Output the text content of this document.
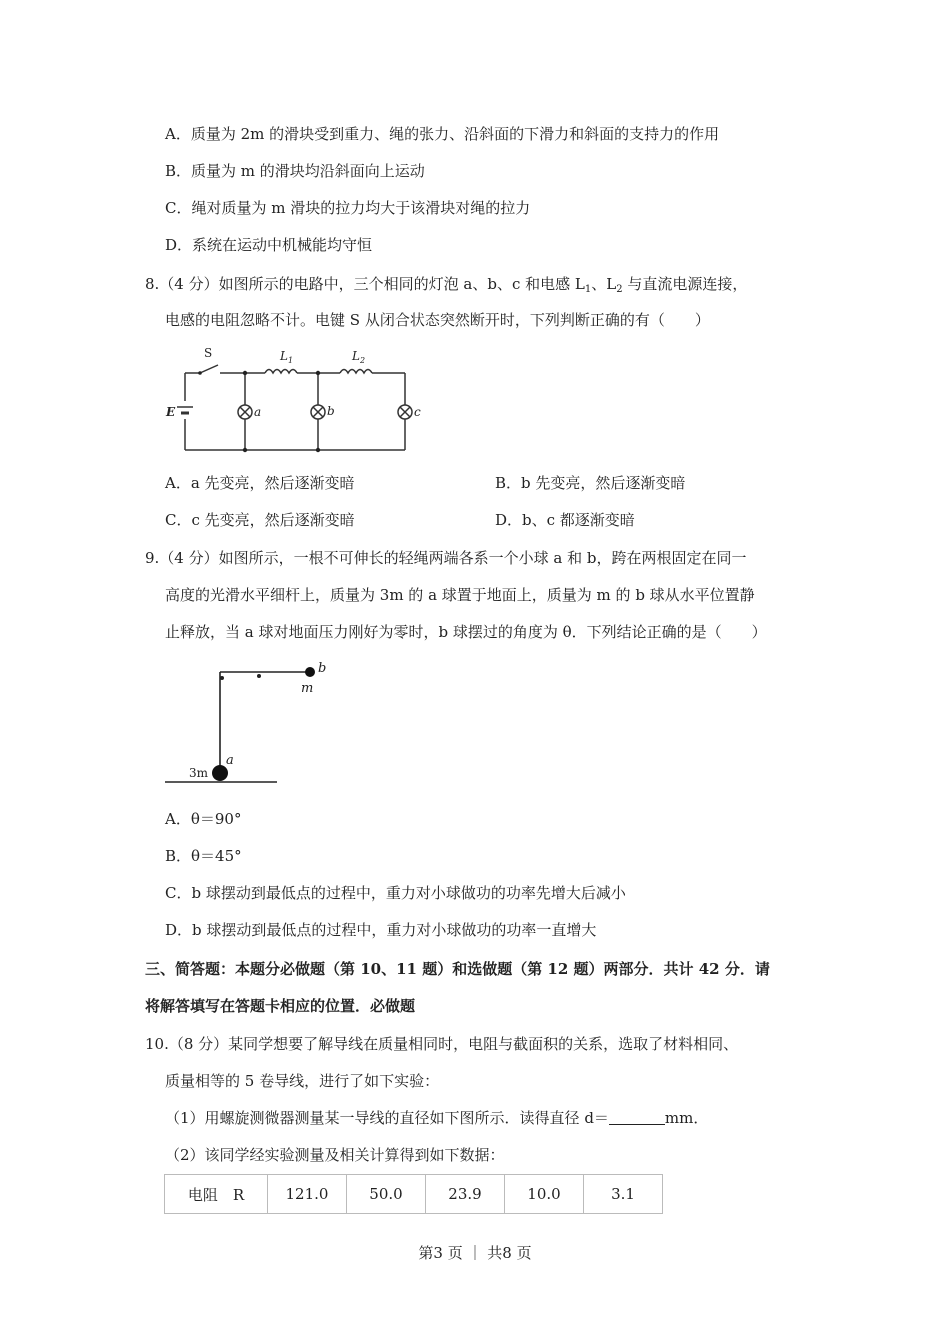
A．质量为 2m 的滑块受到重力、绳的张力、沿斜面的下滑力和斜面的支持力的作用
B．质量为 m 的滑块均沿斜面向上运动
C．绳对质量为 m 滑块的拉力均大于该滑块对绳的拉力
D．系统在运动中机械能均守恒
8.（4 分）如图所示的电路中，三个相同的灯泡 a、b、c 和电感 $L_1$、$L_2$ 与直流电源连接，
电感的电阻忽略不计。电键 S 从闭合状态突然断开时，下列判断正确的有（　　）
S	$L_1$	$L_2$
E	a	b	c
A．a 先变亮，然后逐渐变暗	B．b 先变亮，然后逐渐变暗
C．c 先变亮，然后逐渐变暗	D．b、c 都逐渐变暗
9.（4 分）如图所示，一根不可伸长的轻绳两端各系一个小球 a 和 b，跨在两根固定在同一
高度的光滑水平细杆上，质量为 3m 的 a 球置于地面上，质量为 m 的 b 球从水平位置静
止释放，当 a 球对地面压力刚好为零时，b 球摆过的角度为 θ．下列结论正确的是（　　）
b
m
a
3m
A．θ＝90°
B．θ＝45°
C．b 球摆动到最低点的过程中，重力对小球做功的功率先增大后减小
D．b 球摆动到最低点的过程中，重力对小球做功的功率一直增大
三、简答题：本题分必做题（第 10、11 题）和选做题（第 12 题）两部分．共计 42 分．请
将解答填写在答题卡相应的位置．必做题
10.（8 分）某同学想要了解导线在质量相同时，电阻与截面积的关系，选取了材料相同、
质量相等的 5 卷导线，进行了如下实验：
（1）用螺旋测微器测量某一导线的直径如下图所示．读得直径 d＝	mm．
（2）该同学经实验测量及相关计算得到如下数据：
电阻　R	121.0	50.0	23.9	10.0	3.1
第3 页 ｜ 共8 页
